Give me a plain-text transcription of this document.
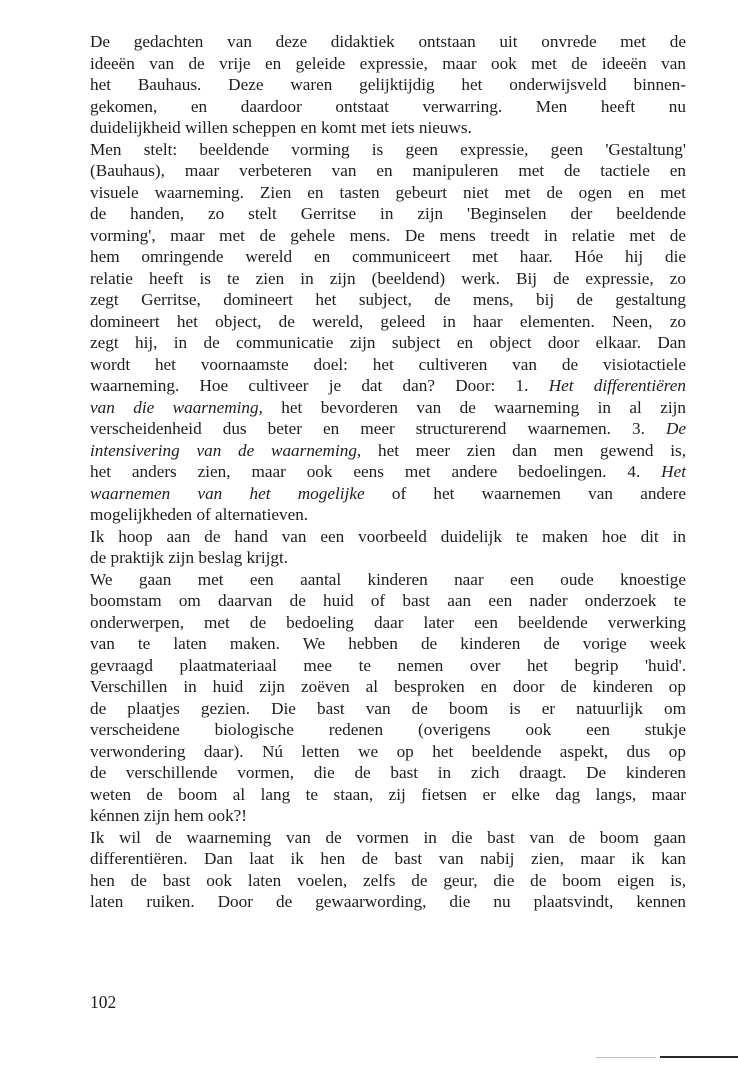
De gedachten van deze didaktiek ontstaan uit onvrede met de
ideeën van de vrije en geleide expressie, maar ook met de ideeën van
het Bauhaus. Deze waren gelijktijdig het onderwijsveld binnen-
gekomen, en daardoor ontstaat verwarring. Men heeft nu
duidelijkheid willen scheppen en komt met iets nieuws.

Men stelt: beeldende vorming is geen expressie, geen 'Gestaltung'
(Bauhaus), maar verbeteren van en manipuleren met de tactiele en
visuele waarneming. Zien en tasten gebeurt niet met de ogen en met
de handen, zo stelt Gerritse in zijn 'Beginselen der beeldende
vorming', maar met de gehele mens. De mens treedt in relatie met de
hem omringende wereld en communiceert met haar. Hóe hij die
relatie heeft is te zien in zijn (beeldend) werk. Bij de expressie, zo
zegt Gerritse, domineert het subject, de mens, bij de gestaltung
domineert het object, de wereld, geleed in haar elementen. Neen, zo
zegt hij, in de communicatie zijn subject en object door elkaar. Dan
wordt het voornaamste doel: het cultiveren van de visiotactiele
waarneming. Hoe cultiveer je dat dan? Door: 1. Het differentiëren
van die waarneming, het bevorderen van de waarneming in al zijn
verscheidenheid dus beter en meer structurerend waarnemen. 3. De
intensivering van de waarneming, het meer zien dan men gewend is,
het anders zien, maar ook eens met andere bedoelingen. 4. Het
waarnemen van het mogelijke of het waarnemen van andere
mogelijkheden of alternatieven.

Ik hoop aan de hand van een voorbeeld duidelijk te maken hoe dit in
de praktijk zijn beslag krijgt.

We gaan met een aantal kinderen naar een oude knoestige
boomstam om daarvan de huid of bast aan een nader onderzoek te
onderwerpen, met de bedoeling daar later een beeldende verwerking
van te laten maken. We hebben de kinderen de vorige week
gevraagd plaatmateriaal mee te nemen over het begrip 'huid'.
Verschillen in huid zijn zoëven al besproken en door de kinderen op
de plaatjes gezien. Die bast van de boom is er natuurlijk om
verscheidene biologische redenen (overigens ook een stukje
verwondering daar). Nú letten we op het beeldende aspekt, dus op
de verschillende vormen, die de bast in zich draagt. De kinderen
weten de boom al lang te staan, zij fietsen er elke dag langs, maar
kénnen zijn hem ook?!

Ik wil de waarneming van de vormen in die bast van de boom gaan
differentiëren. Dan laat ik hen de bast van nabij zien, maar ik kan
hen de bast ook laten voelen, zelfs de geur, die de boom eigen is,
laten ruiken. Door de gewaarwording, die nu plaatsvindt, kennen

102
